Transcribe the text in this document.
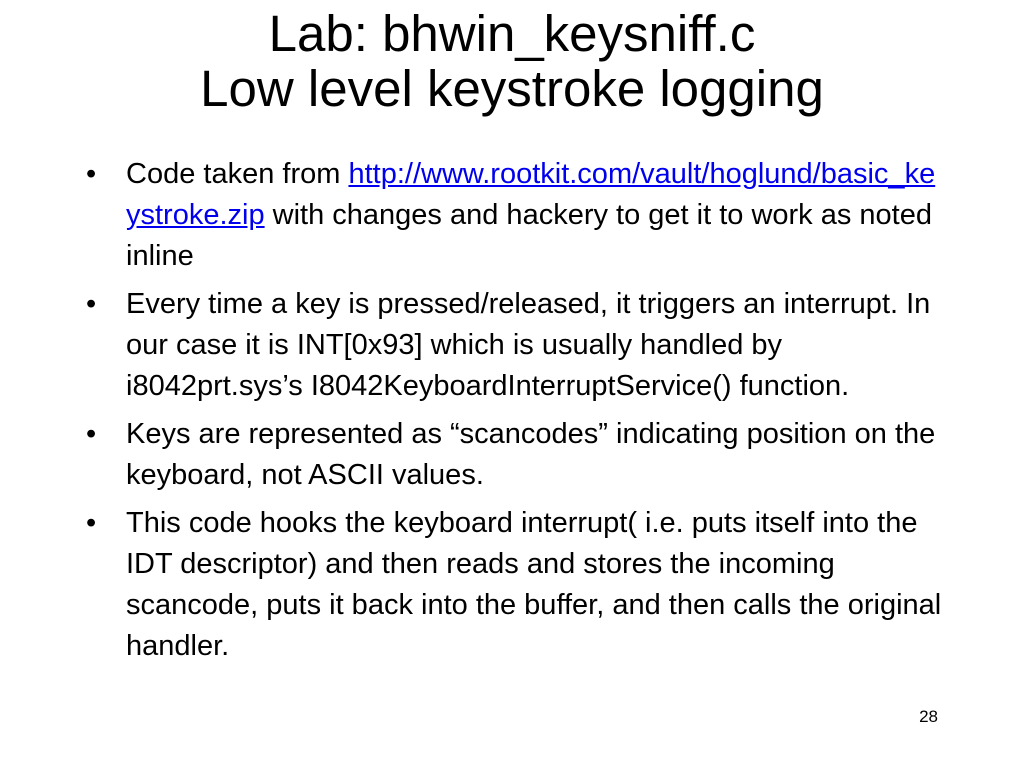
Lab: bhwin_keysniff.c
Low level keystroke logging
• Code taken from http://www.rootkit.com/vault/hoglund/basic_keystroke.zip with changes and hackery to get it to work as noted inline
• Every time a key is pressed/released, it triggers an interrupt. In our case it is INT[0x93] which is usually handled by i8042prt.sys’s I8042KeyboardInterruptService() function.
• Keys are represented as “scancodes” indicating position on the keyboard, not ASCII values.
• This code hooks the keyboard interrupt( i.e. puts itself into the IDT descriptor) and then reads and stores the incoming scancode, puts it back into the buffer, and then calls the original handler.
28
